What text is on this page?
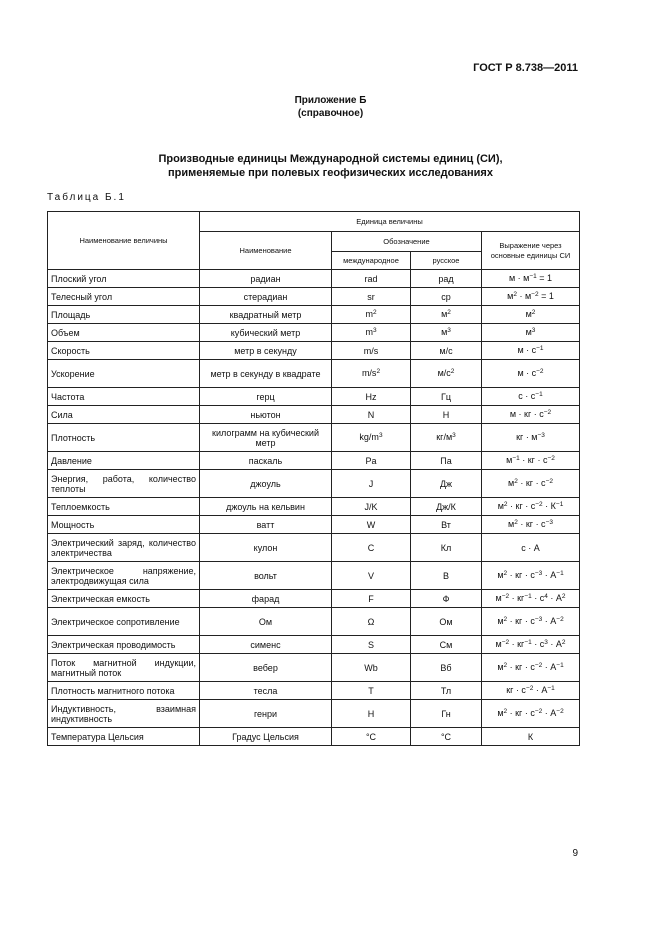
ГОСТ Р 8.738—2011
Приложение Б
(справочное)
Производные единицы Международной системы единиц (СИ),
применяемые при полевых геофизических исследованиях
Таблица Б.1
Наименование величины	Единица величины			
	Наименование	Обозначение		Выражение через основные единицы СИ
		международное	русское	
Плоский угол	радиан	rad	рад	$м \cdot м^{-1} = 1$
Телесный угол	стерадиан	sr	ср	$м^2 \cdot м^{-2} = 1$
Площадь	квадратный метр	$m^2$	$м^2$	$м^2$
Объем	кубический метр	$m^3$	$м^3$	$м^3$
Скорость	метр в секунду	m/s	м/с	$м \cdot с^{-1}$
Ускорение	метр в секунду в квадрате	$m/s^2$	$м/с^2$	$м \cdot с^{-2}$
Частота	герц	Hz	Гц	$с \cdot с^{-1}$
Сила	ньютон	N	Н	м · кг · $с^{-2}$
Плотность	килограмм на кубический метр	$kg/m^3$	$кг/м^3$	кг · $м^{-3}$
Давление	паскаль	Pa	Па	$м^{-1}$ · кг · $с^{-2}$
Энергия, работа, количество теплоты	джоуль	J	Дж	$м^2$ · кг · $с^{-2}$
Теплоемкость	джоуль на кельвин	J/K	Дж/К	$м^2$ · кг · $с^{-2} \cdot К^{-1}$
Мощность	ватт	W	Вт	$м^2$ · кг · $с^{-3}$
Электрический заряд, количество электричества	кулон	C	Кл	с · А
Электрическое напряжение, электродвижущая сила	вольт	V	В	$м^2$ · кг · $с^{-3} \cdot А^{-1}$
Электрическая емкость	фарад	F	Ф	$м^{-2} \cdot кг^{-1} \cdot с^4 \cdot А^2$
Электрическое сопротивление	Ом	Ω	Ом	$м^2$ · кг · $с^{-3} \cdot А^{-2}$
Электрическая проводимость	сименс	S	См	$м^{-2} \cdot кг^{-1} \cdot с^3 \cdot А^2$
Поток магнитной индукции, магнитный поток	вебер	Wb	Вб	$м^2$ · кг · $с^{-2} \cdot А^{-1}$
Плотность магнитного потока	тесла	T	Тл	кг · $с^{-2} \cdot А^{-1}$
Индуктивность, взаимная индуктивность	генри	H	Гн	$м^2$ · кг · $с^{-2} \cdot А^{-2}$
Температура Цельсия	Градус Цельсия	°C	°C	К
9
